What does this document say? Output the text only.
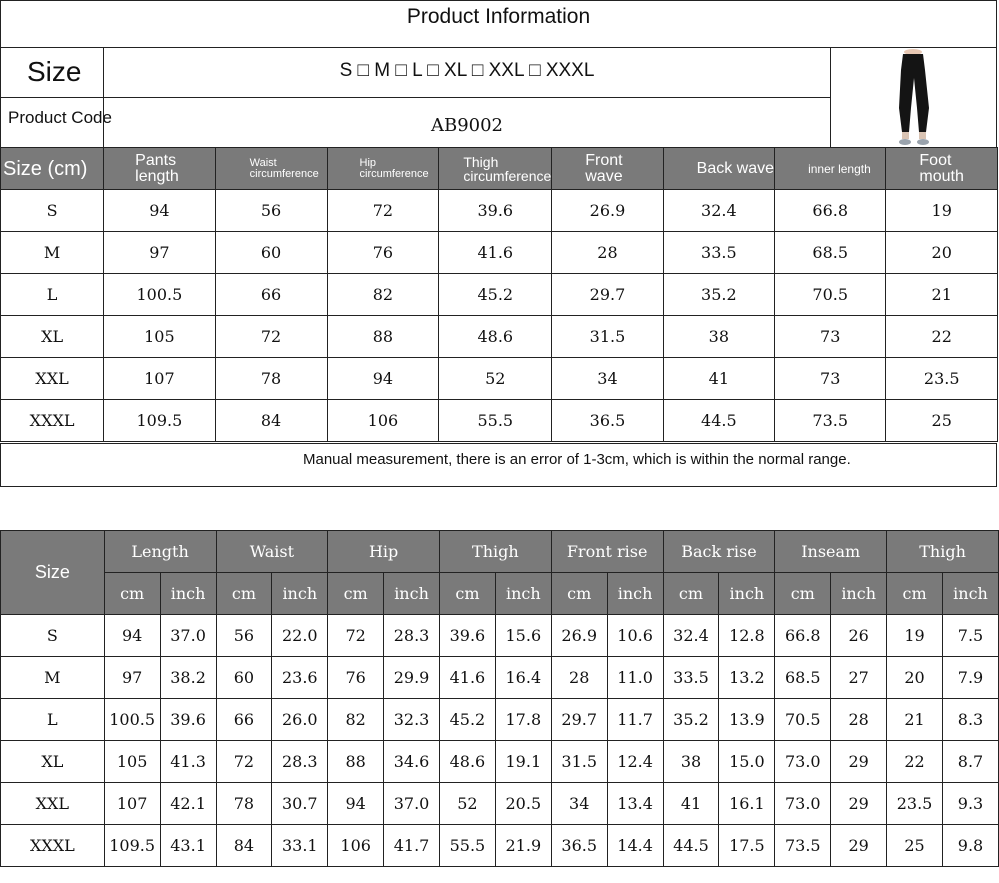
Product Information
Size	S □ M □ L □ XL □ XXL □ XXXL
Product Code	AB9002
Size (cm)	Pants length	Waist circumference	Hip circumference	Thigh circumference	Front wave	Back wave	inner length	Foot mouth
S	94	56	72	39.6	26.9	32.4	66.8	19
M	97	60	76	41.6	28	33.5	68.5	20
L	100.5	66	82	45.2	29.7	35.2	70.5	21
XL	105	72	88	48.6	31.5	38	73	22
XXL	107	78	94	52	34	41	73	23.5
XXXL	109.5	84	106	55.5	36.5	44.5	73.5	25
Manual measurement, there is an error of 1-3cm, which is within the normal range.
Size	Length		Waist		Hip		Thigh		Front rise		Back rise		Inseam		Thigh	
	cm	inch	cm	inch	cm	inch	cm	inch	cm	inch	cm	inch	cm	inch	cm	inch
S	94	37.0	56	22.0	72	28.3	39.6	15.6	26.9	10.6	32.4	12.8	66.8	26	19	7.5
M	97	38.2	60	23.6	76	29.9	41.6	16.4	28	11.0	33.5	13.2	68.5	27	20	7.9
L	100.5	39.6	66	26.0	82	32.3	45.2	17.8	29.7	11.7	35.2	13.9	70.5	28	21	8.3
XL	105	41.3	72	28.3	88	34.6	48.6	19.1	31.5	12.4	38	15.0	73.0	29	22	8.7
XXL	107	42.1	78	30.7	94	37.0	52	20.5	34	13.4	41	16.1	73.0	29	23.5	9.3
XXXL	109.5	43.1	84	33.1	106	41.7	55.5	21.9	36.5	14.4	44.5	17.5	73.5	29	25	9.8
